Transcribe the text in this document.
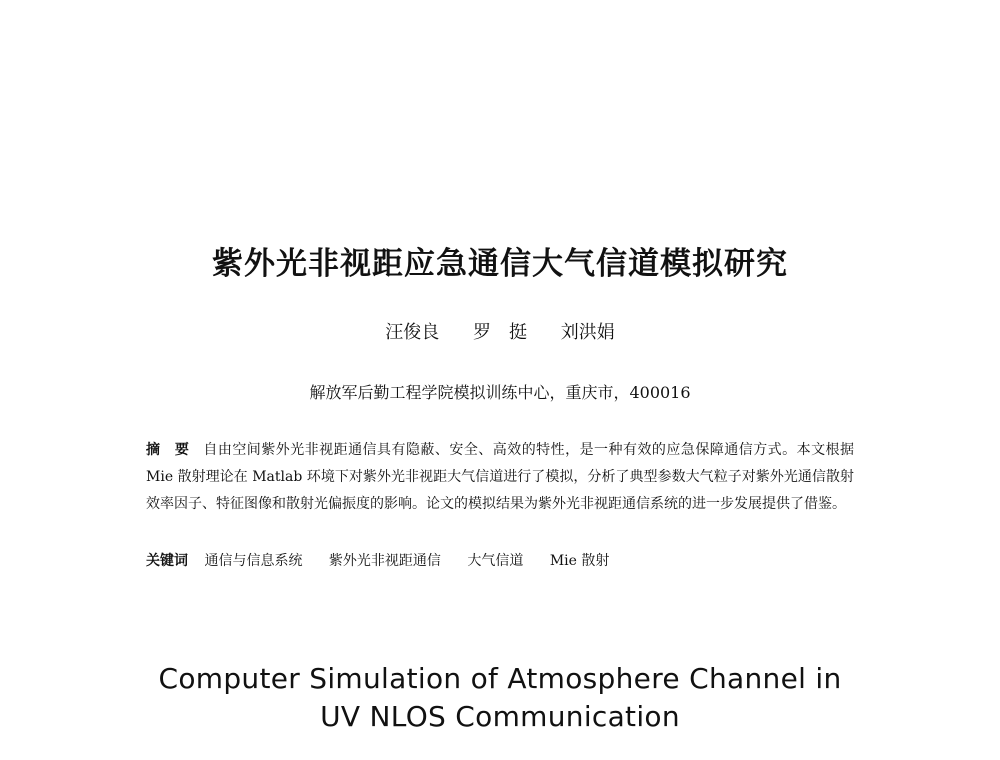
紫外光非视距应急通信大气信道模拟研究
汪俊良 罗　挺 刘洪娟
解放军后勤工程学院模拟训练中心，重庆市，400016
摘　要 自由空间紫外光非视距通信具有隐蔽、安全、高效的特性，是一种有效的应急保障通信方式。本文根据 Mie 散射理论在 Matlab 环境下对紫外光非视距大气信道进行了模拟，分析了典型参数大气粒子对紫外光通信散射效率因子、特征图像和散射光偏振度的影响。论文的模拟结果为紫外光非视距通信系统的进一步发展提供了借鉴。
关键词 通信与信息系统 紫外光非视距通信 大气信道 Mie 散射
Computer Simulation of Atmosphere Channel in
UV NLOS Communication
